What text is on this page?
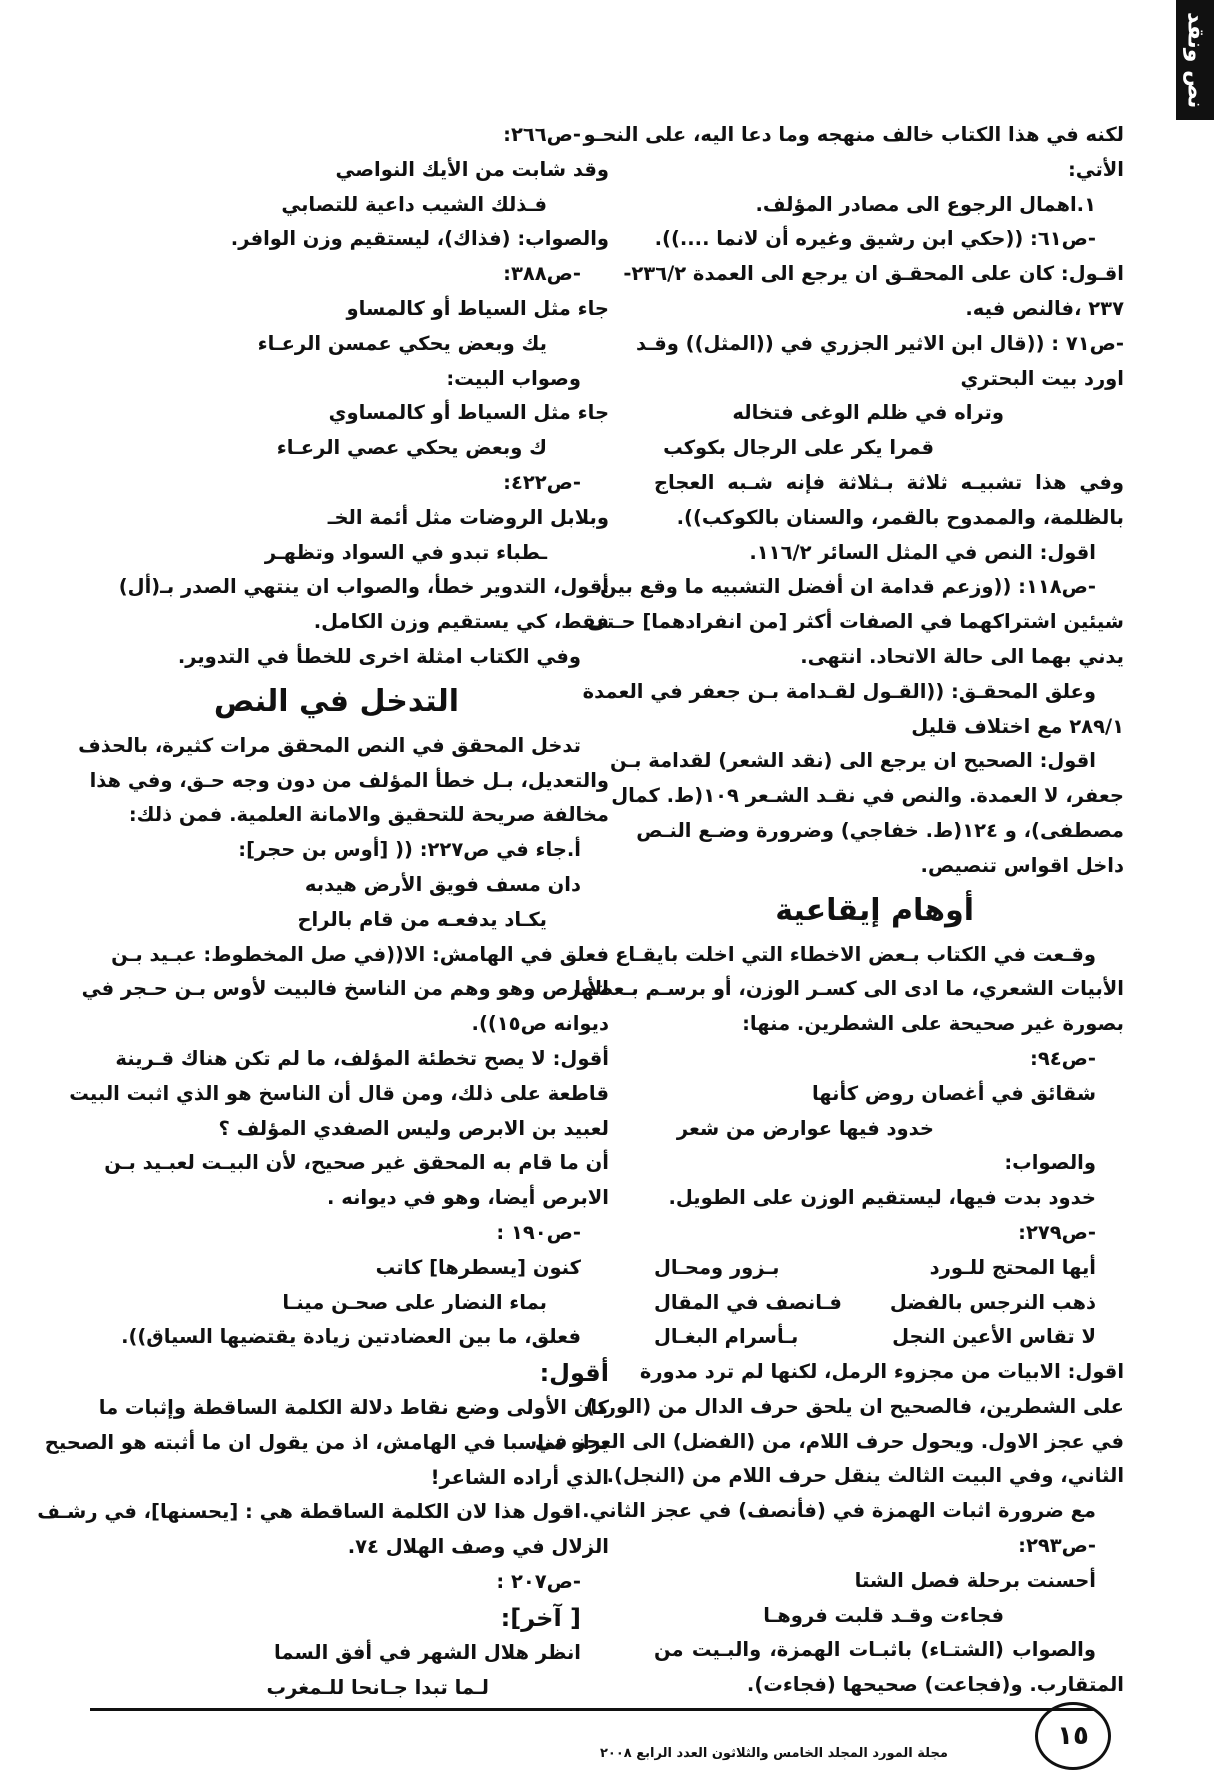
نص ونقد

لكنه في هذا الكتاب خالف منهجه وما دعا اليه، على النحـو

الأتي:

١.اهمال الرجوع الى مصادر المؤلف.

-ص٦١: ((حكي ابن رشيق وغيره أن لانما ....)).

اقـول: كان على المحقـق ان يرجع الى العمدة ٢٣٦/٢-

٢٣٧ ،فالنص فيه.

-ص٧١ : ((قال ابن الاثير الجزري في ((المثل)) وقـد

اورد بيت البحتري

وتراه في ظلم الوغى فتخاله

قمرا يكر على الرجال بكوكب

وفي هذا تشبيـه ثلاثة بـثلاثة فإنه شـبه العجاج

بالظلمة، والممدوح بالقمر، والسنان بالكوكب)).

اقول: النص في المثل السائر ١١٦/٢.

-ص١١٨: ((وزعم قدامة ان أفضل التشبيه ما وقع بين

شيئين اشتراكهما في الصفات أكثر [من انفرادهما] حـتى

يدني بهما الى حالة الاتحاد. انتهى.

وعلق المحقـق: ((القـول لقـدامة بـن جعفر في العمدة

٢٨٩/١ مع اختلاف قليل

اقول: الصحيح ان يرجع الى (نقد الشعر) لقدامة بـن

جعفر، لا العمدة. والنص في نقـد الشـعر ١٠٩(ط. كمال

مصطفى)، و ١٢٤(ط. خفاجي) وضرورة وضـع النـص

داخل اقواس تنصيص.

أوهام إيقاعية

وقـعت في الكتاب بـعض الاخطاء التي اخلت بايقـاع

الأبيات الشعري، ما ادى الى كسـر الوزن، أو برسـم بـعضها

بصورة غير صحيحة على الشطرين. منها:

-ص٩٤:

شقائق في أغصان روض كأنها

خدود فيها عوارض من شعر

والصواب:

خدود بدت فيها، ليستقيم الوزن على الطويل.

-ص٢٧٩:

أيها المحتج للـورد
بـزور ومحـال
ذهب النرجس بالفضل
فـانصف في المقال
لا تقاس الأعين النجل
بـأسرام البغـال

اقول: الابيات من مجزوء الرمل، لكنها لم ترد مدورة

على الشطرين، فالصحيح ان يلحق حرف الدال من (الورد)

في عجز الاول. ويحول حرف اللام، من (الفضل) الى العجز في

الثاني، وفي البيت الثالث ينقل حرف اللام من (النجل).

مع ضرورة اثبات الهمزة في (فأنصف) في عجز الثاني.

-ص٢٩٣:

أحسنت برحلة فصل الشتا

فجاءت وقـد قلبت فروهـا

والصواب (الشتـاء) باثبـات الهمزة، والبـيت من

المتقارب. و(فجاعت) صحيحها (فجاءت).

-ص٢٦٦:

وقد شابت من الأيك النواصي

فـذلك الشيب داعية للتصابي

والصواب: (فذاك)، ليستقيم وزن الوافر.

-ص٣٨٨:

جاء مثل السياط أو كالمساو

يك وبعض يحكي عمسن الرعـاء

وصواب البيت:

جاء مثل السياط أو كالمساوي

ك وبعض يحكي عصي الرعـاء

-ص٤٢٢:

وبلابل الروضات مثل أئمة الخـ

ـطباء تبدو في السواد وتظهـر

أقول، التدوير خطأ، والصواب ان ينتهي الصدر بـ(أل)

فقط، كي يستقيم وزن الكامل.

وفي الكتاب امثلة اخرى للخطأ في التدوير.

التدخل في النص

تدخل المحقق في النص المحقق مرات كثيرة، بالحذف

والتعديل، بـل خطأ المؤلف من دون وجه حـق، وفي هذا

مخالفة صريحة للتحقيق والامانة العلمية. فمن ذلك:

أ.جاء في ص٢٢٧: (( [أوس بن حجر]:

دان مسف فويق الأرض هيدبه

يكـاد يدفعـه من قام بالراح

فعلق في الهامش: الا((في صل المخطوط: عبـيد بـن

الأبرص وهو وهم من الناسخ فالبيت لأوس بـن حـجر في

ديوانه ص١٥)).

أقول: لا يصح تخطئة المؤلف، ما لم تكن هناك قـرينة

قاطعة على ذلك، ومن قال أن الناسخ هو الذي اثبت البيت

لعبيد بن الابرص وليس الصفدي المؤلف ؟

أن ما قام به المحقق غير صحيح، لأن البيـت لعبـيد بـن

الابرص أيضا، وهو في ديوانه .

-ص١٩٠ :

كنون [يسطرها] كاتب

بماء النضار على صحـن مينـا

فعلق، ما بين العضادتين زيادة يقتضيها السياق)).

أقول:

كان الأولى وضع نقاط دلالة الكلمة الساقطة وإثبات ما

يراه مناسبا في الهامش، اذ من يقول ان ما أثبته هو الصحيح

الذي أراده الشاعر!

اقول هذا لان الكلمة الساقطة هي : [يحسنها]، في رشـف

الزلال في وصف الهلال ٧٤.

-ص٢٠٧ :

[ آخر]:

انظر هلال الشهر في أفق السما

لـما تبدا جـانحا للـمغرب

مجلة المورد المجلد الخامس والثلاثون العدد الرابع ٢٠٠٨
١٥
